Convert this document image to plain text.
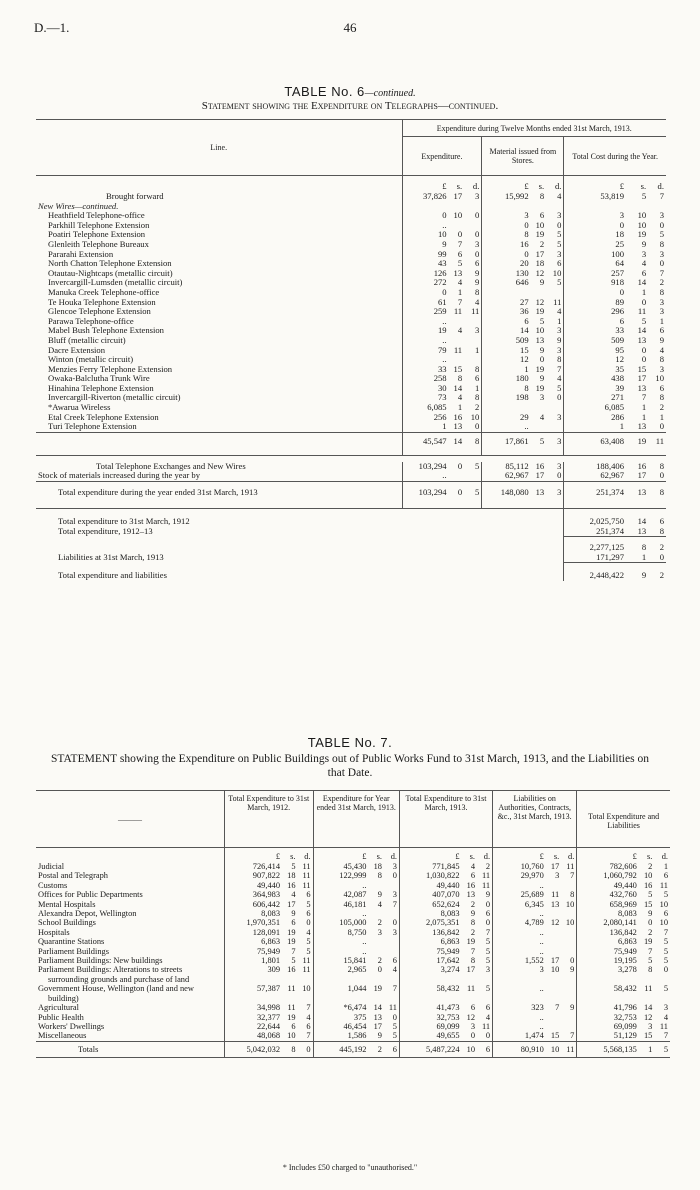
D.—1.	46
TABLE No. 6—continued.
Statement showing the Expenditure on Telegraphs—continued.
Line.	Expenditure during Twelve Months ended 31st March, 1913.								
	Expenditure.			Material issued from Stores.			Total Cost during the Year.		
	£	s.	d.	£	s.	d.	£	s.	d.
Brought forward	37,826	17	3	15,992	8	4	53,819	5	7
New Wires—continued.									
Heathfield Telephone-office	0	10	0	3	6	3	3	10	3
Parkhill Telephone Extension	..			0	10	0	0	10	0
Poatiri Telephone Extension	10	0	0	8	19	5	18	19	5
Glenleith Telephone Bureaux	9	7	3	16	2	5	25	9	8
Pararahi Extension	99	6	0	0	17	3	100	3	3
North Chatton Telephone Extension	43	5	6	20	18	6	64	4	0
Otautau-Nightcaps (metallic circuit)	126	13	9	130	12	10	257	6	7
Invercargill-Lumsden (metallic circuit)	272	4	9	646	9	5	918	14	2
Manuka Creek Telephone-office	0	1	8				0	1	8
Te Houka Telephone Extension	61	7	4	27	12	11	89	0	3
Glencoe Telephone Extension	259	11	11	36	19	4	296	11	3
Parawa Telephone-office	..			6	5	1	6	5	1
Mabel Bush Telephone Extension	19	4	3	14	10	3	33	14	6
Bluff (metallic circuit)	..			509	13	9	509	13	9
Dacre Extension	79	11	1	15	9	3	95	0	4
Winton (metallic circuit)	..			12	0	8	12	0	8
Menzies Ferry Telephone Extension	33	15	8	1	19	7	35	15	3
Owaka-Balclutha Trunk Wire	258	8	6	180	9	4	438	17	10
Hinahina Telephone Extension	30	14	1	8	19	5	39	13	6
Invercargill-Riverton (metallic circuit)	73	4	8	198	3	0	271	7	8
*Awarua Wireless	6,085	1	2				6,085	1	2
Etal Creek Telephone Extension	256	16	10	29	4	3	286	1	1
Turi Telephone Extension	1	13	0	..			1	13	0
	45,547	14	8	17,861	5	3	63,408	19	11

Total Telephone Exchanges and New Wires	103,294	0	5	85,112	16	3	188,406	16	8
Stock of materials increased during the year by	..			62,967	17	0	62,967	17	0
Total expenditure during the year ended 31st March, 1913	103,294	0	5	148,080	13	3	251,374	13	8
Total expenditure to 31st March, 1912							2,025,750	14	6
Total expenditure, 1912–13							251,374	13	8
							2,277,125	8	2
Liabilities at 31st March, 1913							171,297	1	0
Total expenditure and liabilities							2,448,422	9	2
TABLE No. 7.
STATEMENT showing the Expenditure on Public Buildings out of Public Works Fund to 31st March, 1913, and the Liabilities on that Date.
———	Total Expenditure to 31st March, 1912.			Expenditure for Year ended 31st March, 1913.			Total Expenditure to 31st March, 1913.			Liabilities on Authorities, Contracts, &c., 31st March, 1913.			Total Expenditure and Liabilities		
	£	s.	d.	£	s.	d.	£	s.	d.	£	s.	d.	£	s.	d.
Judicial	726,414	5	11	45,430	18	3	771,845	4	2	10,760	17	11	782,606	2	1
Postal and Telegraph	907,822	18	11	122,999	8	0	1,030,822	6	11	29,970	3	7	1,060,792	10	6
Customs	49,440	16	11	..			49,440	16	11	..			49,440	16	11
Offices for Public Departments	364,983	4	6	42,087	9	3	407,070	13	9	25,689	11	8	432,760	5	5
Mental Hospitals	606,442	17	5	46,181	4	7	652,624	2	0	6,345	13	10	658,969	15	10
Alexandra Depot, Wellington	8,083	9	6	..			8,083	9	6	..			8,083	9	6
School Buildings	1,970,351	6	0	105,000	2	0	2,075,351	8	0	4,789	12	10	2,080,141	0	10
Hospitals	128,091	19	4	8,750	3	3	136,842	2	7	..			136,842	2	7
Quarantine Stations	6,863	19	5	..			6,863	19	5	..			6,863	19	5
Parliament Buildings	75,949	7	5	..			75,949	7	5	..			75,949	7	5
Parliament Buildings: New buildings	1,801	5	11	15,841	2	6	17,642	8	5	1,552	17	0	19,195	5	5
Parliament Buildings: Alterations to streets surrounding grounds and purchase of land	309	16	11	2,965	0	4	3,274	17	3	3	10	9	3,278	8	0
Government House, Wellington (land and new building)	57,387	11	10	1,044	19	7	58,432	11	5	..			58,432	11	5
Agricultural	34,998	11	7	*6,474	14	11	41,473	6	6	323	7	9	41,796	14	3
Public Health	32,377	19	4	375	13	0	32,753	12	4	..			32,753	12	4
Workers' Dwellings	22,644	6	6	46,454	17	5	69,099	3	11	..			69,099	3	11
Miscellaneous	48,068	10	7	1,586	9	5	49,655	0	0	1,474	15	7	51,129	15	7
Totals	5,042,032	8	0	445,192	2	6	5,487,224	10	6	80,910	10	11	5,568,135	1	5
* Includes £50 charged to "unauthorised."
